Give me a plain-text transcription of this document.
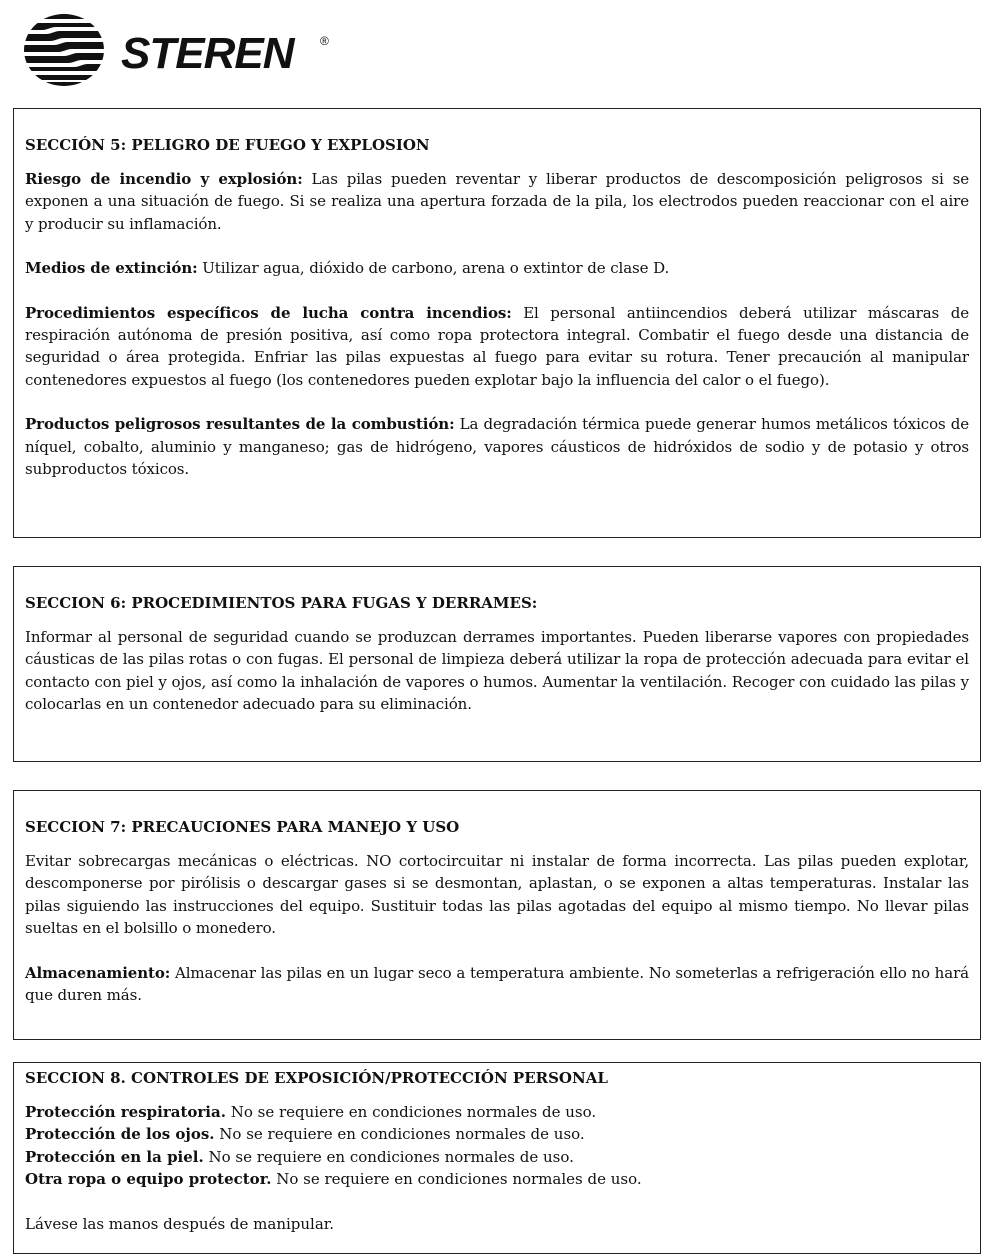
STEREN ®
SECCIÓN 5: PELIGRO DE FUEGO Y EXPLOSION

Riesgo de incendio y explosión: Las pilas pueden reventar y liberar productos de descomposición peligrosos si se exponen a una situación de fuego. Si se realiza una apertura forzada de la pila, los electrodos pueden reaccionar con el aire y producir su inflamación.

Medios de extinción: Utilizar agua, dióxido de carbono, arena o extintor de clase D.

Procedimientos específicos de lucha contra incendios: El personal antiincendios deberá utilizar máscaras de respiración autónoma de presión positiva, así como ropa protectora integral. Combatir el fuego desde una distancia de seguridad o área protegida. Enfriar las pilas expuestas al fuego para evitar su rotura. Tener precaución al manipular contenedores expuestos al fuego (los contenedores pueden explotar bajo la influencia del calor o el fuego).

Productos peligrosos resultantes de la combustión: La degradación térmica puede generar humos metálicos tóxicos de níquel, cobalto, aluminio y manganeso; gas de hidrógeno, vapores cáusticos de hidróxidos de sodio y de potasio y otros subproductos tóxicos.

SECCION 6: PROCEDIMIENTOS PARA FUGAS Y DERRAMES:

Informar al personal de seguridad cuando se produzcan derrames importantes. Pueden liberarse vapores con propiedades cáusticas de las pilas rotas o con fugas. El personal de limpieza deberá utilizar la ropa de protección adecuada para evitar el contacto con piel y ojos, así como la inhalación de vapores o humos. Aumentar la ventilación. Recoger con cuidado las pilas y colocarlas en un contenedor adecuado para su eliminación.

SECCION 7: PRECAUCIONES PARA MANEJO Y USO

Evitar sobrecargas mecánicas o eléctricas. NO cortocircuitar ni instalar de forma incorrecta. Las pilas pueden explotar, descomponerse por pirólisis o descargar gases si se desmontan, aplastan, o se exponen a altas temperaturas. Instalar las pilas siguiendo las instrucciones del equipo. Sustituir todas las pilas agotadas del equipo al mismo tiempo. No llevar pilas sueltas en el bolsillo o monedero.

Almacenamiento: Almacenar las pilas en un lugar seco a temperatura ambiente. No someterlas a refrigeración ello no hará que duren más.

SECCION 8. CONTROLES DE EXPOSICIÓN/PROTECCIÓN PERSONAL

Protección respiratoria. No se requiere en condiciones normales de uso.

Protección de los ojos. No se requiere en condiciones normales de uso.

Protección en la piel. No se requiere en condiciones normales de uso.

Otra ropa o equipo protector. No se requiere en condiciones normales de uso.

Lávese las manos después de manipular.
